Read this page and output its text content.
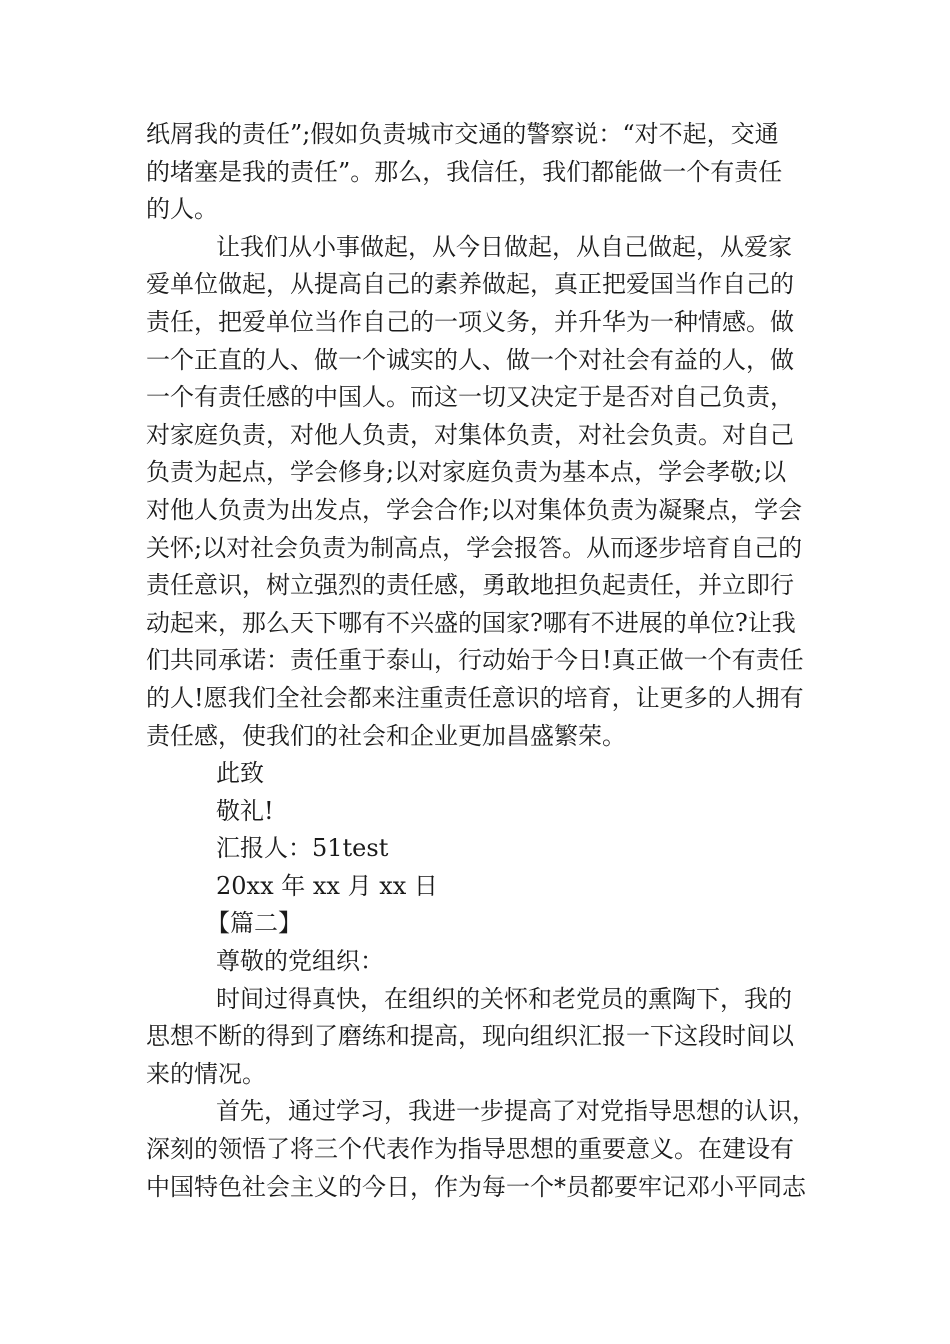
纸屑我的责任”;假如负责城市交通的警察说：“对不起，交通
的堵塞是我的责任”。那么，我信任，我们都能做一个有责任
的人。

让我们从小事做起，从今日做起，从自己做起，从爱家
爱单位做起，从提高自己的素养做起，真正把爱国当作自己的
责任，把爱单位当作自己的一项义务，并升华为一种情感。做
一个正直的人、做一个诚实的人、做一个对社会有益的人，做
一个有责任感的中国人。而这一切又决定于是否对自己负责，
对家庭负责，对他人负责，对集体负责，对社会负责。对自己
负责为起点，学会修身;以对家庭负责为基本点，学会孝敬;以
对他人负责为出发点，学会合作;以对集体负责为凝聚点，学会
关怀;以对社会负责为制高点，学会报答。从而逐步培育自己的
责任意识，树立强烈的责任感，勇敢地担负起责任，并立即行
动起来，那么天下哪有不兴盛的国家?哪有不进展的单位?让我
们共同承诺：责任重于泰山，行动始于今日!真正做一个有责任
的人!愿我们全社会都来注重责任意识的培育，让更多的人拥有
责任感，使我们的社会和企业更加昌盛繁荣。

此致

敬礼!

汇报人：51test

20xx 年 xx 月 xx 日

【篇二】

尊敬的党组织：

时间过得真快，在组织的关怀和老党员的熏陶下，我的
思想不断的得到了磨练和提高，现向组织汇报一下这段时间以
来的情况。

首先，通过学习，我进一步提高了对党指导思想的认识，
深刻的领悟了将三个代表作为指导思想的重要意义。在建设有
中国特色社会主义的今日，作为每一个*员都要牢记邓小平同志
